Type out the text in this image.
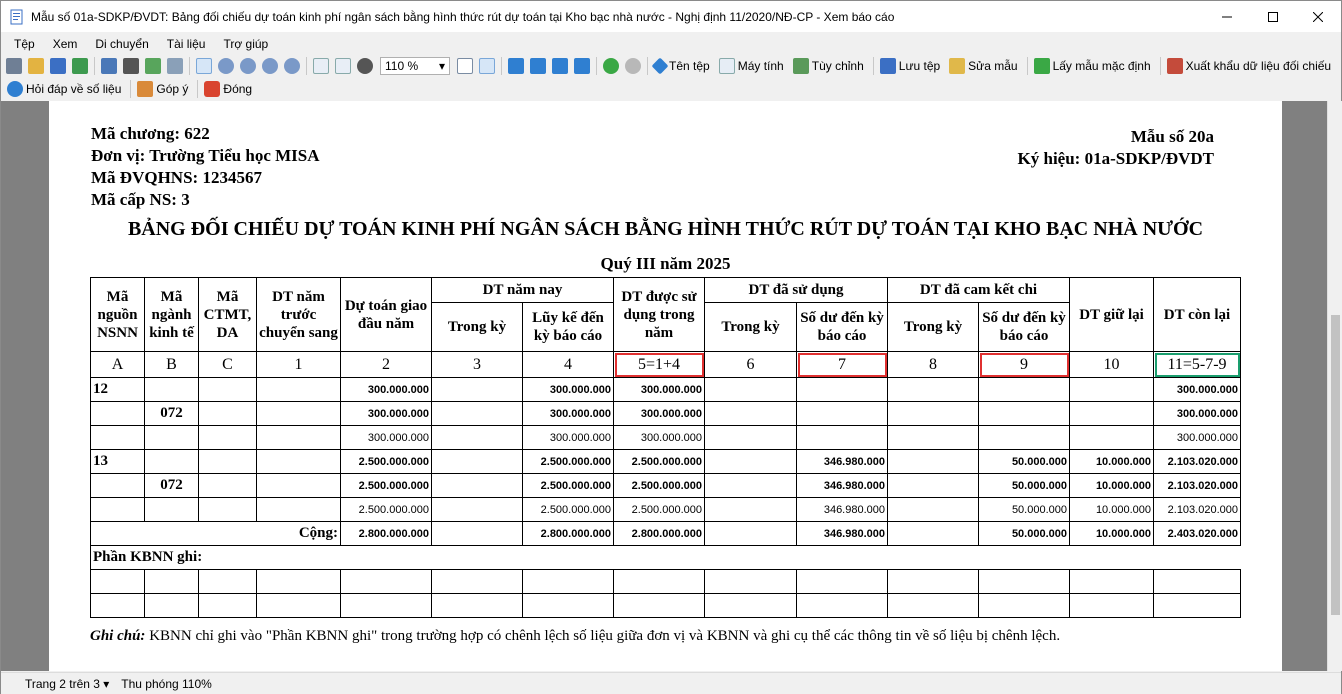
Mẫu số 01a-SDKP/ĐVDT: Bảng đối chiếu dự toán kinh phí ngân sách bằng hình thức rút dự toán tại Kho bạc nhà nước - Nghị định 11/2020/NĐ-CP - Xem báo cáo
Tệp	Xem	Di chuyển	Tài liệu	Trợ giúp
110 % ▾	Tên tệp Máy tính Tùy chỉnh	Lưu tệp Sửa mẫu	Lấy mẫu mặc định	Xuất khẩu dữ liệu đối chiếu
Hỏi đáp về số liệu	Góp ý	Đóng
Mã chương: 622
Đơn vị: Trường Tiểu học MISA
Mã ĐVQHNS: 1234567
Mã cấp NS: 3
Mẫu số 20a
Ký hiệu: 01a-SDKP/ĐVDT
BẢNG ĐỐI CHIẾU DỰ TOÁN KINH PHÍ NGÂN SÁCH BẰNG HÌNH THỨC RÚT DỰ TOÁN TẠI KHO BẠC NHÀ NƯỚC
Quý III năm 2025
Mã nguồn NSNN	Mã ngành kinh tế	Mã CTMT, DA	DT năm trước chuyển sang	Dự toán giao đầu năm	DT năm nay		DT được sử dụng trong năm	DT đã sử dụng		DT đã cam kết chi		DT giữ lại	DT còn lại
					Trong kỳ	Lũy kế đến kỳ báo cáo		Trong kỳ	Số dư đến kỳ báo cáo	Trong kỳ	Số dư đến kỳ báo cáo		
A	B	C	1	2	3	4	5=1+4	6	7	8	9	10	11=5-7-9
12				300.000.000		300.000.000	300.000.000						300.000.000
	072			300.000.000		300.000.000	300.000.000						300.000.000
				300.000.000		300.000.000	300.000.000						300.000.000
13				2.500.000.000		2.500.000.000	2.500.000.000		346.980.000		50.000.000	10.000.000	2.103.020.000
	072			2.500.000.000		2.500.000.000	2.500.000.000		346.980.000		50.000.000	10.000.000	2.103.020.000
				2.500.000.000		2.500.000.000	2.500.000.000		346.980.000		50.000.000	10.000.000	2.103.020.000
Cộng:				2.800.000.000		2.800.000.000	2.800.000.000		346.980.000		50.000.000	10.000.000	2.403.020.000
Phần KBNN ghi:													

Ghi chú: KBNN chỉ ghi vào "Phần KBNN ghi" trong trường hợp có chênh lệch số liệu giữa đơn vị và KBNN và ghi cụ thể các thông tin về số liệu bị chênh lệch.
Trang 2 trên 3 ▾ Thu phóng 110%
